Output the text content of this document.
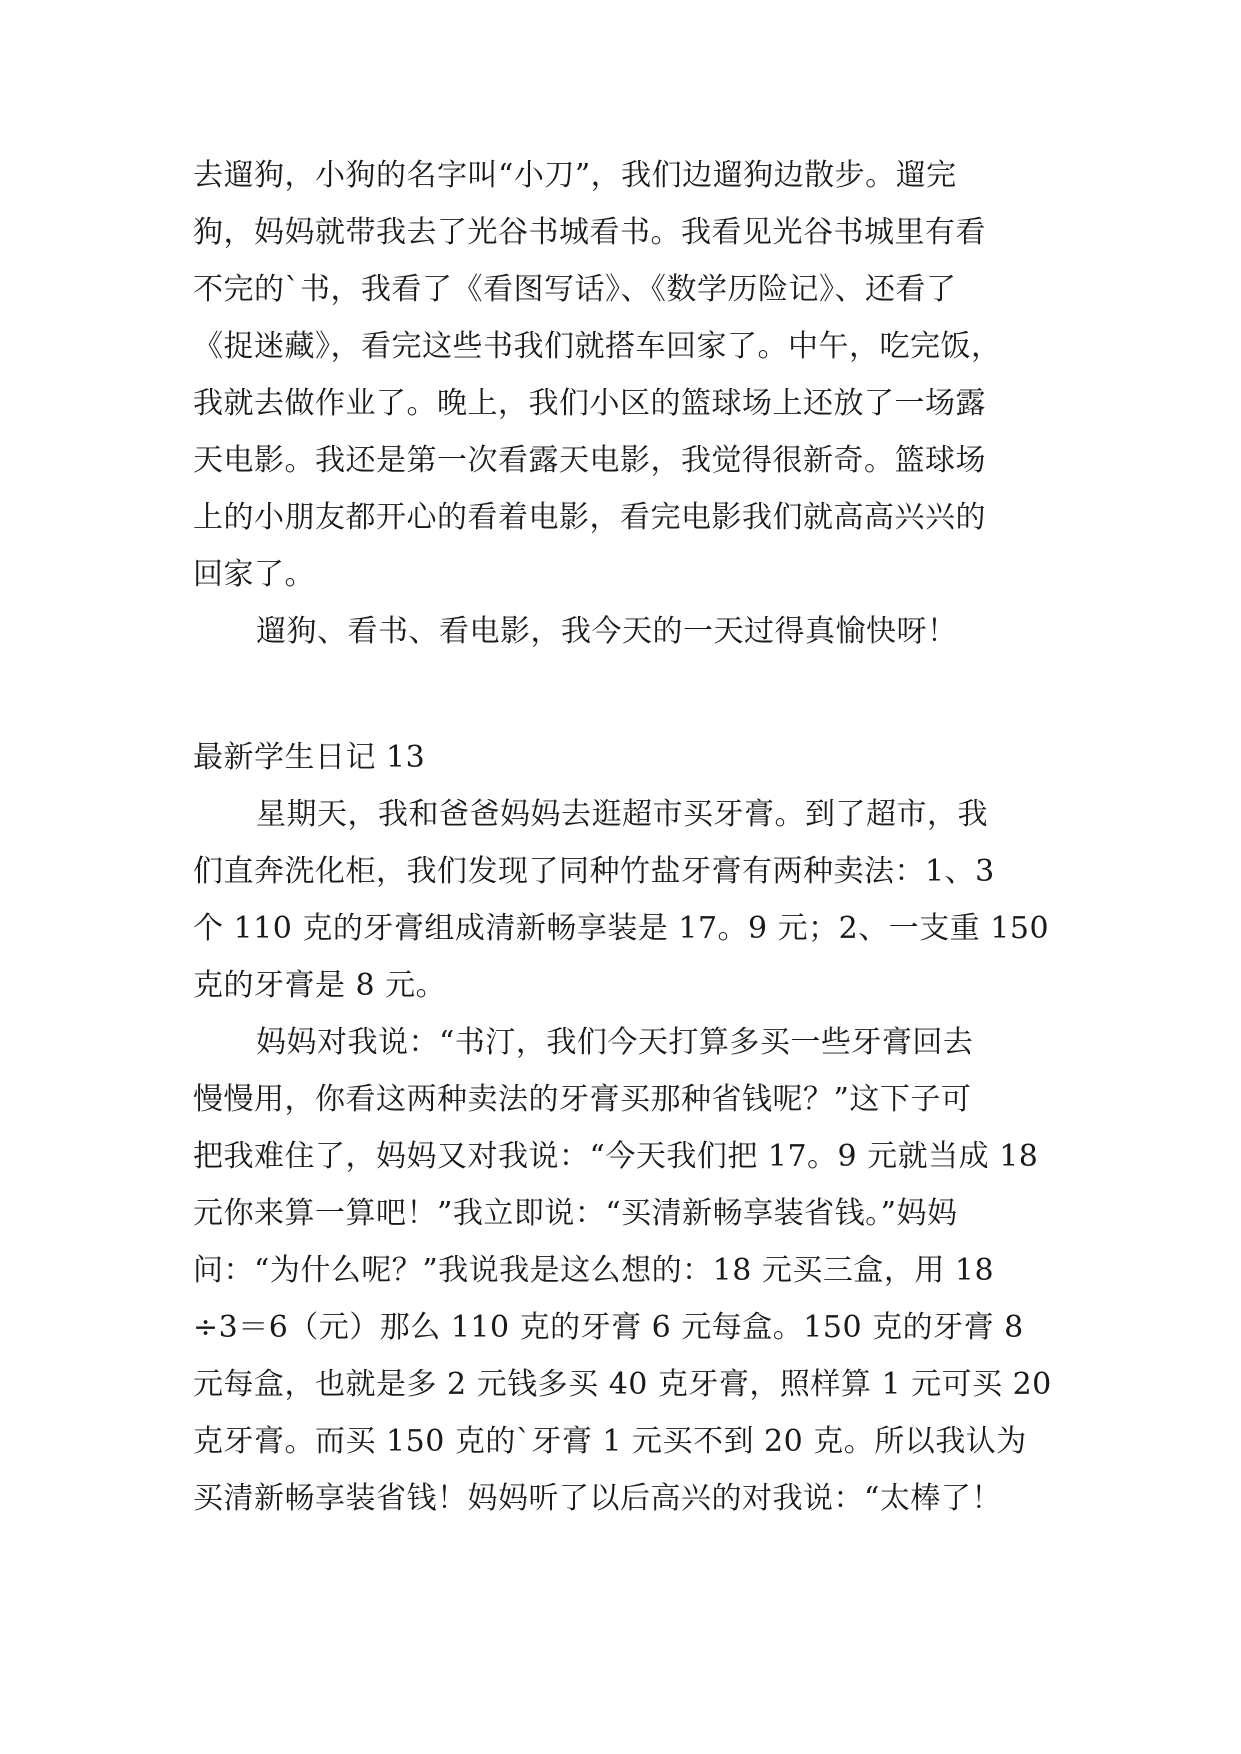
去遛狗，小狗的名字叫“小刀”，我们边遛狗边散步。遛完
狗，妈妈就带我去了光谷书城看书。我看见光谷书城里有看
不完的`书，我看了《看图写话》、《数学历险记》、还看了
《捉迷藏》，看完这些书我们就搭车回家了。中午，吃完饭，
我就去做作业了。晚上，我们小区的篮球场上还放了一场露
天电影。我还是第一次看露天电影，我觉得很新奇。篮球场
上的小朋友都开心的看着电影，看完电影我们就高高兴兴的
回家了。
遛狗、看书、看电影，我今天的一天过得真愉快呀！
最新学生日记 13
星期天，我和爸爸妈妈去逛超市买牙膏。到了超市，我
们直奔洗化柜，我们发现了同种竹盐牙膏有两种卖法：1、3
个 110 克的牙膏组成清新畅享装是 17。9 元；2、一支重 150
克的牙膏是 8 元。
妈妈对我说：“书汀，我们今天打算多买一些牙膏回去
慢慢用，你看这两种卖法的牙膏买那种省钱呢？”这下子可
把我难住了，妈妈又对我说：“今天我们把 17。9 元就当成 18
元你来算一算吧！”我立即说：“买清新畅享装省钱。”妈妈
问：“为什么呢？”我说我是这么想的：18 元买三盒，用 18
÷3＝6（元）那么 110 克的牙膏 6 元每盒。150 克的牙膏 8
元每盒，也就是多 2 元钱多买 40 克牙膏，照样算 1 元可买 20
克牙膏。而买 150 克的`牙膏 1 元买不到 20 克。所以我认为
买清新畅享装省钱！妈妈听了以后高兴的对我说：“太棒了！
